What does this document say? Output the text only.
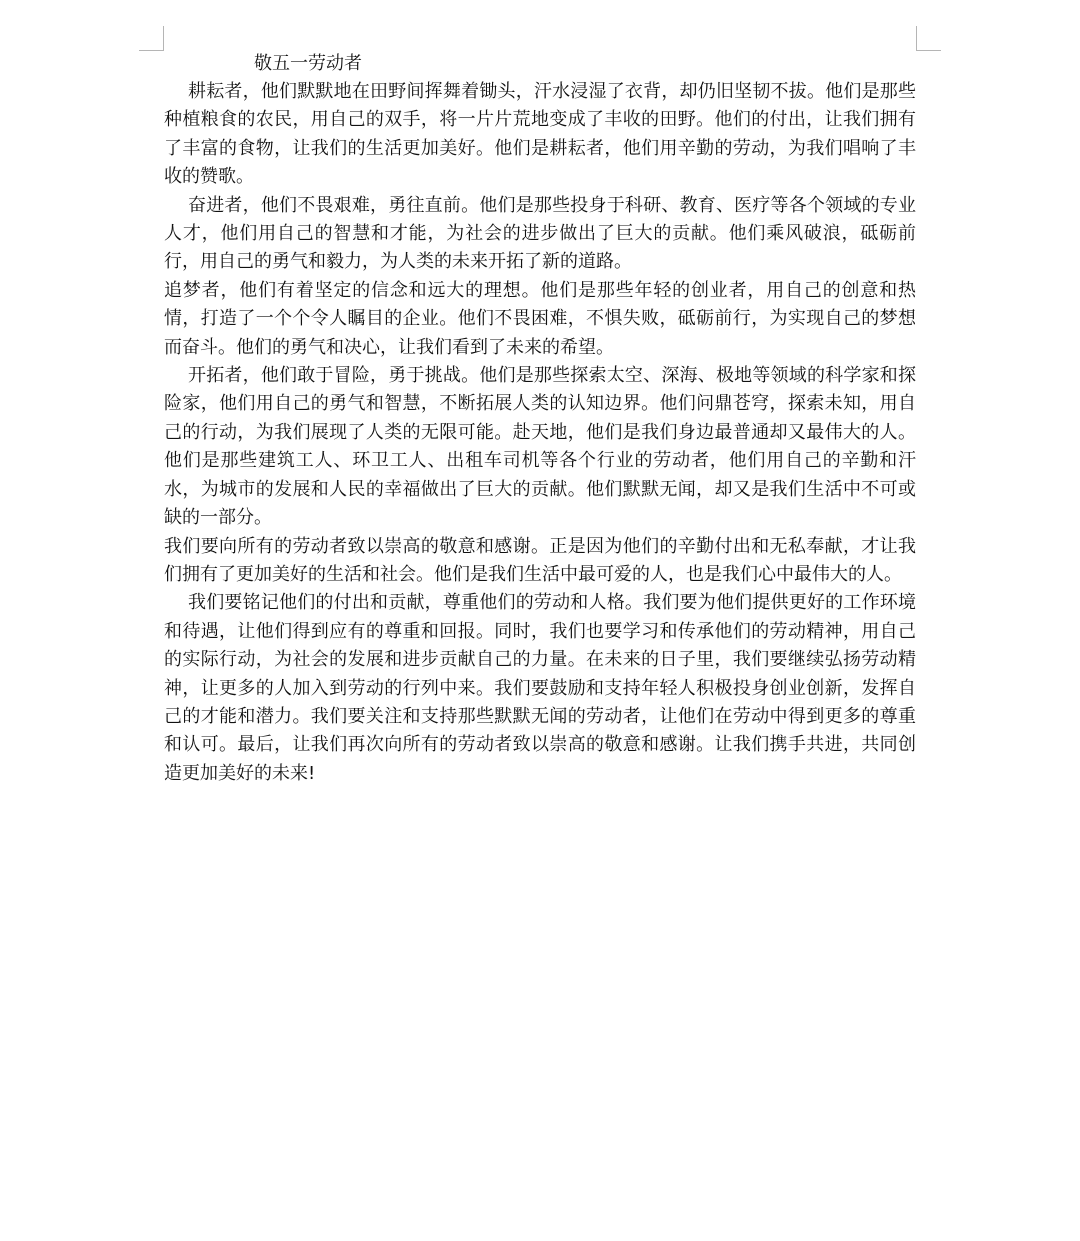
敬五一劳动者

耕耘者，他们默默地在田野间挥舞着锄头，汗水浸湿了衣背，却仍旧坚韧不拔。他们是那些种植粮食的农民，用自己的双手，将一片片荒地变成了丰收的田野。他们的付出，让我们拥有了丰富的食物，让我们的生活更加美好。他们是耕耘者，他们用辛勤的劳动，为我们唱响了丰收的赞歌。

奋进者，他们不畏艰难，勇往直前。他们是那些投身于科研、教育、医疗等各个领域的专业人才，他们用自己的智慧和才能，为社会的进步做出了巨大的贡献。他们乘风破浪，砥砺前行，用自己的勇气和毅力，为人类的未来开拓了新的道路。

追梦者，他们有着坚定的信念和远大的理想。他们是那些年轻的创业者，用自己的创意和热情，打造了一个个令人瞩目的企业。他们不畏困难，不惧失败，砥砺前行，为实现自己的梦想而奋斗。他们的勇气和决心，让我们看到了未来的希望。

开拓者，他们敢于冒险，勇于挑战。他们是那些探索太空、深海、极地等领域的科学家和探险家，他们用自己的勇气和智慧，不断拓展人类的认知边界。他们问鼎苍穹，探索未知，用自己的行动，为我们展现了人类的无限可能。赴天地，他们是我们身边最普通却又最伟大的人。他们是那些建筑工人、环卫工人、出租车司机等各个行业的劳动者，他们用自己的辛勤和汗水，为城市的发展和人民的幸福做出了巨大的贡献。他们默默无闻，却又是我们生活中不可或缺的一部分。

我们要向所有的劳动者致以崇高的敬意和感谢。正是因为他们的辛勤付出和无私奉献，才让我们拥有了更加美好的生活和社会。他们是我们生活中最可爱的人，也是我们心中最伟大的人。

我们要铭记他们的付出和贡献，尊重他们的劳动和人格。我们要为他们提供更好的工作环境和待遇，让他们得到应有的尊重和回报。同时，我们也要学习和传承他们的劳动精神，用自己的实际行动，为社会的发展和进步贡献自己的力量。在未来的日子里，我们要继续弘扬劳动精神，让更多的人加入到劳动的行列中来。我们要鼓励和支持年轻人积极投身创业创新，发挥自己的才能和潜力。我们要关注和支持那些默默无闻的劳动者，让他们在劳动中得到更多的尊重和认可。最后，让我们再次向所有的劳动者致以崇高的敬意和感谢。让我们携手共进，共同创造更加美好的未来!
